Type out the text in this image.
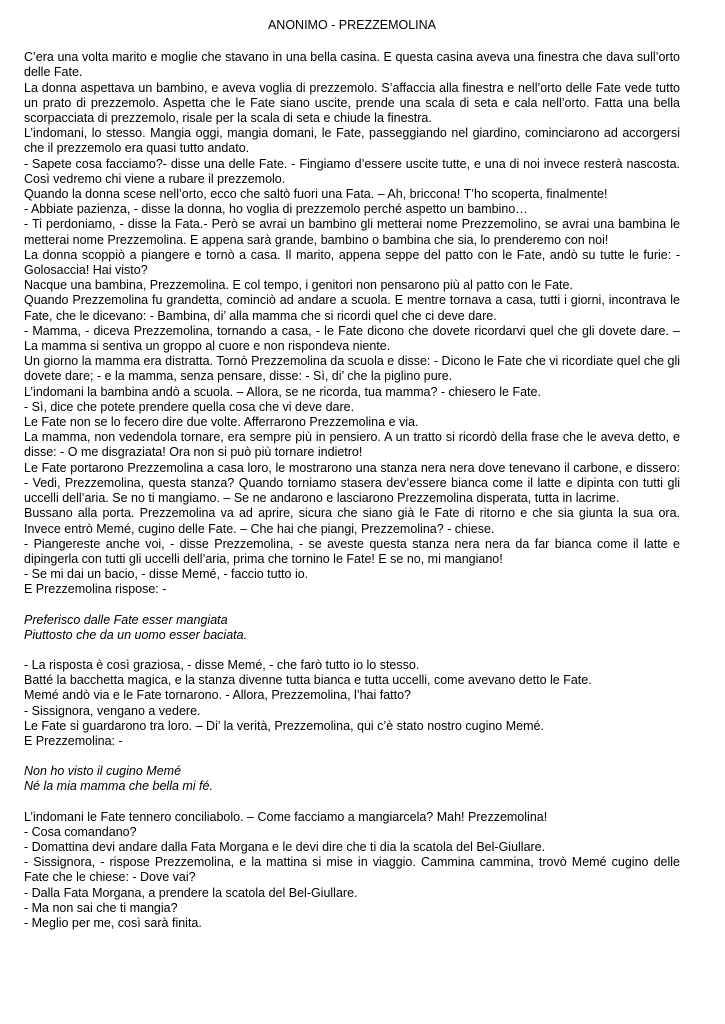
ANONIMO - PREZZEMOLINA

C’era una volta marito e moglie che stavano in una bella casina. E questa casina aveva una finestra che dava sull’orto delle Fate.

La donna aspettava un bambino, e aveva voglia di prezzemolo. S’affaccia alla finestra e nell’orto delle Fate vede tutto un prato di prezzemolo. Aspetta che le Fate siano uscite, prende una scala di seta e cala nell’orto. Fatta una bella scorpacciata di prezzemolo, risale per la scala di seta e chiude la finestra.

L’indomani, lo stesso. Mangia oggi, mangia domani, le Fate, passeggiando nel giardino, cominciarono ad accorgersi che il prezzemolo era quasi tutto andato.

- Sapete cosa facciamo?- disse una delle Fate. - Fingiamo d’essere uscite tutte, e una di noi invece resterà nascosta. Così vedremo chi viene a rubare il prezzemolo.

Quando la donna scese nell’orto, ecco che saltò fuori una Fata. – Ah, briccona! T’ho scoperta, finalmente!

- Abbiate pazienza, - disse la donna, ho voglia di prezzemolo perché aspetto un bambino…

- Ti perdoniamo, - disse la Fata.- Però se avrai un bambino gli metterai nome Prezzemolino, se avrai una bambina le metterai nome Prezzemolina. E appena sarà grande, bambino o bambina che sia, lo prenderemo con noi!

La donna scoppiò a piangere e tornò a casa. Il marito, appena seppe del patto con le Fate, andò su tutte le furie: - Golosaccia! Hai visto?

Nacque una bambina, Prezzemolina. E col tempo, i genitori non pensarono più al patto con le Fate.

Quando Prezzemolina fu grandetta, cominciò ad andare a scuola. E mentre tornava a casa, tutti i giorni, incontrava le Fate, che le dicevano: - Bambina, di’ alla mamma che si ricordi quel che ci deve dare.

- Mamma, - diceva Prezzemolina, tornando a casa, - le Fate dicono che dovete ricordarvi quel che gli dovete dare. – La mamma si sentiva un groppo al cuore e non rispondeva niente.

Un giorno la mamma era distratta. Tornò Prezzemolina da scuola e disse: - Dicono le Fate che vi ricordiate quel che gli dovete dare; - e la mamma, senza pensare, disse: - Sì, di’ che la piglino pure.

L’indomani la bambina andò a scuola. – Allora, se ne ricorda, tua mamma? - chiesero le Fate.

- Sì, dice che potete prendere quella cosa che vi deve dare.

Le Fate non se lo fecero dire due volte. Afferrarono Prezzemolina e via.

La mamma, non vedendola tornare, era sempre più in pensiero. A un tratto si ricordò della frase che le aveva detto, e disse: - O me disgraziata! Ora non si può più tornare indietro!

Le Fate portarono Prezzemolina a casa loro, le mostrarono una stanza nera nera dove tenevano il carbone, e dissero: - Vedi, Prezzemolina, questa stanza? Quando torniamo stasera dev’essere bianca come il latte e dipinta con tutti gli uccelli dell’aria. Se no ti mangiamo. – Se ne andarono e lasciarono Prezzemolina disperata, tutta in lacrime.

Bussano alla porta. Prezzemolina va ad aprire, sicura che siano già le Fate di ritorno e che sia giunta la sua ora. Invece entrò Memé, cugino delle Fate. – Che hai che piangi, Prezzemolina? - chiese.

- Piangereste anche voi, - disse Prezzemolina, - se aveste questa stanza nera nera da far bianca come il latte e dipingerla con tutti gli uccelli dell’aria, prima che tornino le Fate! E se no, mi mangiano!

- Se mi dai un bacio, - disse Memé, - faccio tutto io.

E Prezzemolina rispose: -

Preferisco dalle Fate esser mangiata

Piuttosto che da un uomo esser baciata.

- La risposta è così graziosa, - disse Memé, - che farò tutto io lo stesso.

Batté la bacchetta magica, e la stanza divenne tutta bianca e tutta uccelli, come avevano detto le Fate.

Memé andò via e le Fate tornarono. - Allora, Prezzemolina, l’hai fatto?

- Sissignora, vengano a vedere.

Le Fate si guardarono tra loro. – Di’ la verità, Prezzemolina, qui c’è stato nostro cugino Memé.

E Prezzemolina: -

Non ho visto il cugino Memé

Né la mia mamma che bella mi fé.

L’indomani le Fate tennero conciliabolo. – Come facciamo a mangiarcela? Mah! Prezzemolina!

- Cosa comandano?

- Domattina devi andare dalla Fata Morgana e le devi dire che ti dia la scatola del Bel-Giullare.

- Sissignora, - rispose Prezzemolina, e la mattina si mise in viaggio. Cammina cammina, trovò Memé cugino delle Fate che le chiese: - Dove vai?

- Dalla Fata Morgana, a prendere la scatola del Bel-Giullare.

- Ma non sai che ti mangia?

- Meglio per me, così sarà finita.
